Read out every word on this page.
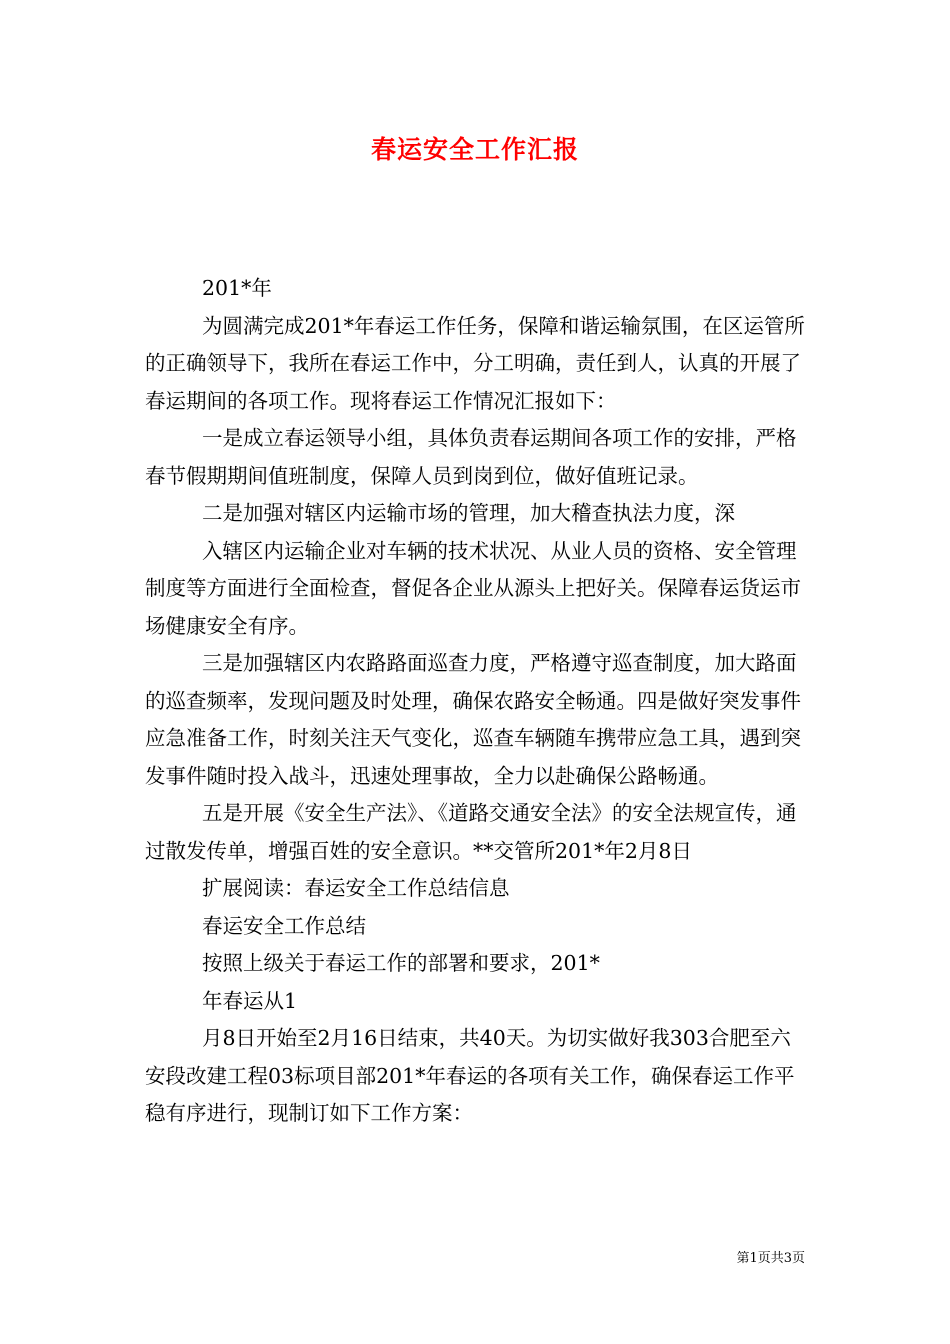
春运安全工作汇报

201*年

为圆满完成201*年春运工作任务，保障和谐运输氛围，在区运管所的正确领导下，我所在春运工作中，分工明确，责任到人，认真的开展了春运期间的各项工作。现将春运工作情况汇报如下：

一是成立春运领导小组，具体负责春运期间各项工作的安排，严格春节假期期间值班制度，保障人员到岗到位，做好值班记录。

二是加强对辖区内运输市场的管理，加大稽查执法力度，深

入辖区内运输企业对车辆的技术状况、从业人员的资格、安全管理制度等方面进行全面检查，督促各企业从源头上把好关。保障春运货运市场健康安全有序。

三是加强辖区内农路路面巡查力度，严格遵守巡查制度，加大路面的巡查频率，发现问题及时处理，确保农路安全畅通。四是做好突发事件应急准备工作，时刻关注天气变化，巡查车辆随车携带应急工具，遇到突发事件随时投入战斗，迅速处理事故，全力以赴确保公路畅通。

五是开展《安全生产法》、《道路交通安全法》的安全法规宣传，通过散发传单，增强百姓的安全意识。**交管所201*年2月8日

扩展阅读：春运安全工作总结信息

春运安全工作总结

按照上级关于春运工作的部署和要求，201*

年春运从1

月8日开始至2月16日结束，共40天。为切实做好我303合肥至六安段改建工程03标项目部201*年春运的各项有关工作，确保春运工作平稳有序进行，现制订如下工作方案：

第1页共3页
